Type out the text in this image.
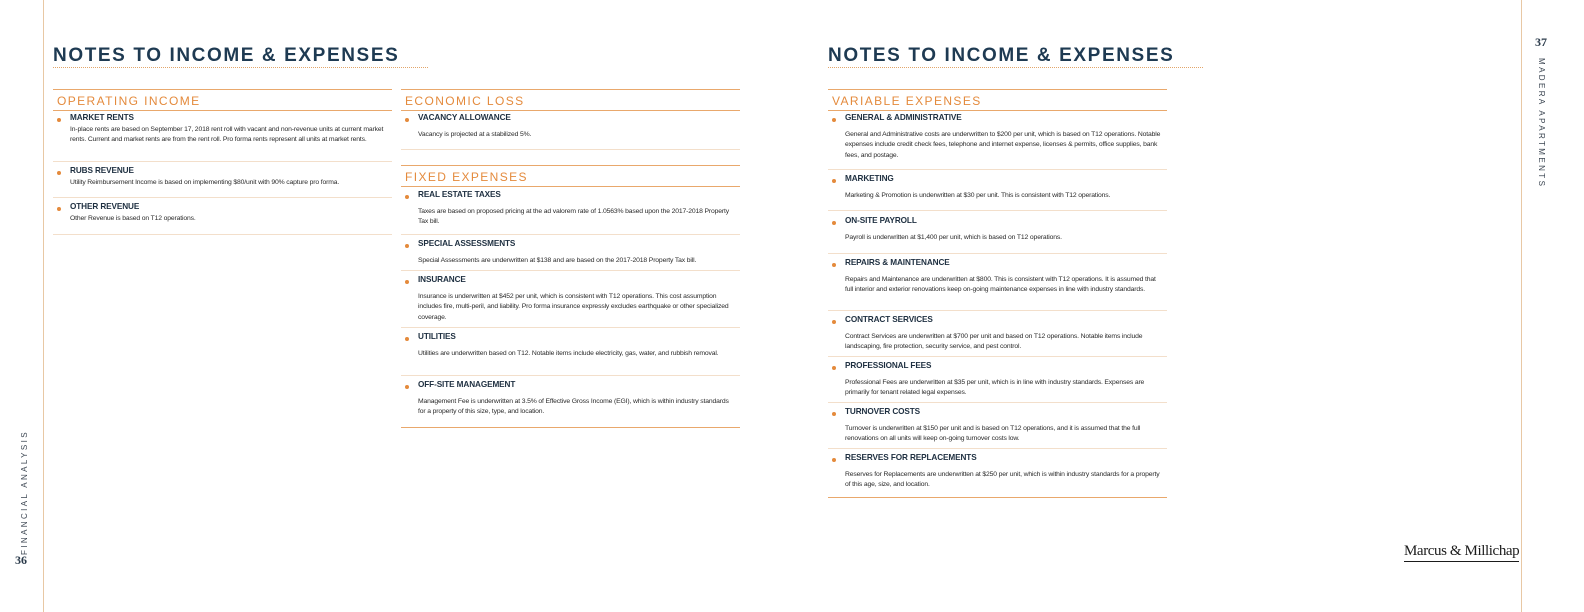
FINANCIAL ANALYSIS
36
37
MADERA APARTMENTS
NOTES TO INCOME & EXPENSES	NOTES TO INCOME & EXPENSES
OPERATING INCOME
MARKET RENTS

In-place rents are based on September 17, 2018 rent roll with vacant and non-revenue units at current market rents. Current and market rents are from the rent roll. Pro forma rents represent all units at market rents.

RUBS REVENUE

Utility Reimbursement Income is based on implementing $80/unit with 90% capture pro forma.

OTHER REVENUE

Other Revenue is based on T12 operations.

ECONOMIC LOSS
VACANCY ALLOWANCE

Vacancy is projected at a stabilized 5%.

FIXED EXPENSES
REAL ESTATE TAXES

Taxes are based on proposed pricing at the ad valorem rate of 1.0563% based upon the 2017-2018 Property Tax bill.

SPECIAL ASSESSMENTS

Special Assessments are underwritten at $138 and are based on the 2017-2018 Property Tax bill.

INSURANCE

Insurance is underwritten at $452 per unit, which is consistent with T12 operations. This cost assumption includes fire, multi-peril, and liability. Pro forma insurance expressly excludes earthquake or other specialized coverage.

UTILITIES

Utilities are underwritten based on T12. Notable items include electricity, gas, water, and rubbish removal.

OFF-SITE MANAGEMENT

Management Fee is underwritten at 3.5% of Effective Gross Income (EGI), which is within industry standards for a property of this size, type, and location.

VARIABLE EXPENSES
GENERAL & ADMINISTRATIVE

General and Administrative costs are underwritten to $200 per unit, which is based on T12 operations. Notable expenses include credit check fees, telephone and internet expense, licenses & permits, office supplies, bank fees, and postage.

MARKETING

Marketing & Promotion is underwritten at $30 per unit. This is consistent with T12 operations.

ON-SITE PAYROLL

Payroll is underwritten at $1,400 per unit, which is based on T12 operations.

REPAIRS & MAINTENANCE

Repairs and Maintenance are underwritten at $800. This is consistent with T12 operations. It is assumed that full interior and exterior renovations keep on-going maintenance expenses in line with industry standards.

CONTRACT SERVICES

Contract Services are underwritten at $700 per unit and based on T12 operations. Notable items include landscaping, fire protection, security service, and pest control.

PROFESSIONAL FEES

Professional Fees are underwritten at $35 per unit, which is in line with industry standards. Expenses are primarily for tenant related legal expenses.

TURNOVER COSTS

Turnover is underwritten at $150 per unit and is based on T12 operations, and it is assumed that the full renovations on all units will keep on-going turnover costs low.

RESERVES FOR REPLACEMENTS

Reserves for Replacements are underwritten at $250 per unit, which is within industry standards for a property of this age, size, and location.

Marcus & Millichap
